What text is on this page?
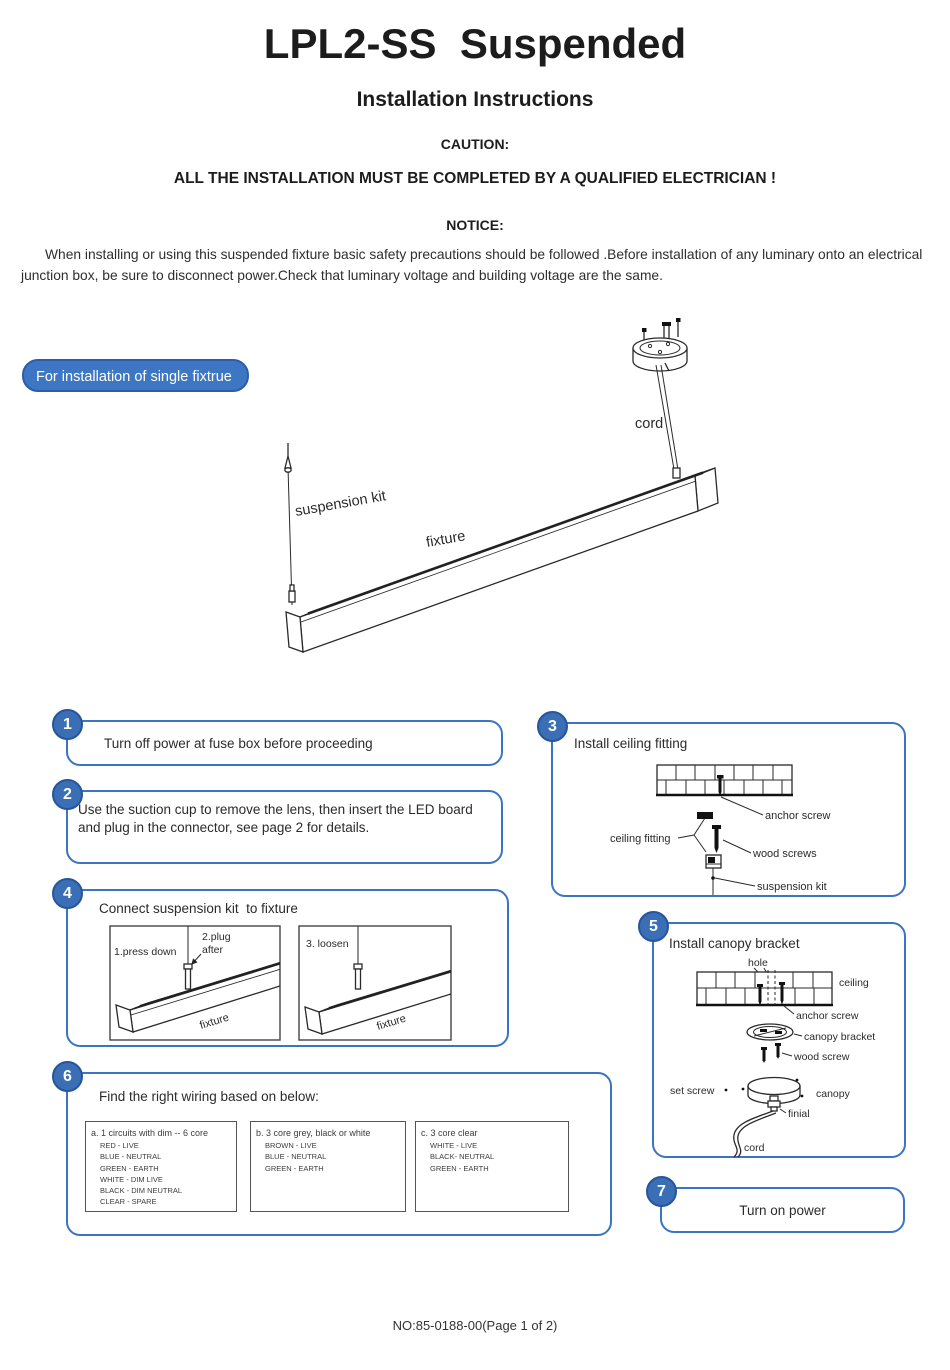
LPL2-SS  Suspended
Installation Instructions
CAUTION:
ALL THE INSTALLATION MUST BE COMPLETED BY A QUALIFIED ELECTRICIAN !
NOTICE:
When installing or using this suspended fixture basic safety precautions should be followed .Before installation of any luminary onto an electrical junction box, be sure to disconnect power.Check that luminary voltage and building voltage are the same.
For installation of single fixtrue
cord
suspension kit
fixture
1
Turn off power at fuse box before proceeding
2
Use the suction cup to remove the lens, then insert the LED board and plug in the connector, see page 2 for details.
3
Install ceiling fitting
anchor screw
ceiling fitting
wood screws
suspension kit
4
Connect suspension kit  to fixture
1.press down
2.plug
after
fixture
3. loosen
fixture
5
Install canopy bracket
hole
ceiling
anchor screw
canopy bracket
wood screw
set screw	canopy
finial
cord
6
Find the right wiring based on below:
a. 1 circuits with dim -- 6 core
RED - LIVE
BLUE - NEUTRAL
GREEN - EARTH
WHITE - DIM LIVE
BLACK - DIM NEUTRAL
CLEAR - SPARE
b. 3 core grey, black or white
BROWN - LIVE
BLUE - NEUTRAL
GREEN - EARTH
c. 3 core clear
WHITE - LIVE
BLACK- NEUTRAL
GREEN - EARTH
7
Turn on power
NO:85-0188-00(Page 1 of 2)
